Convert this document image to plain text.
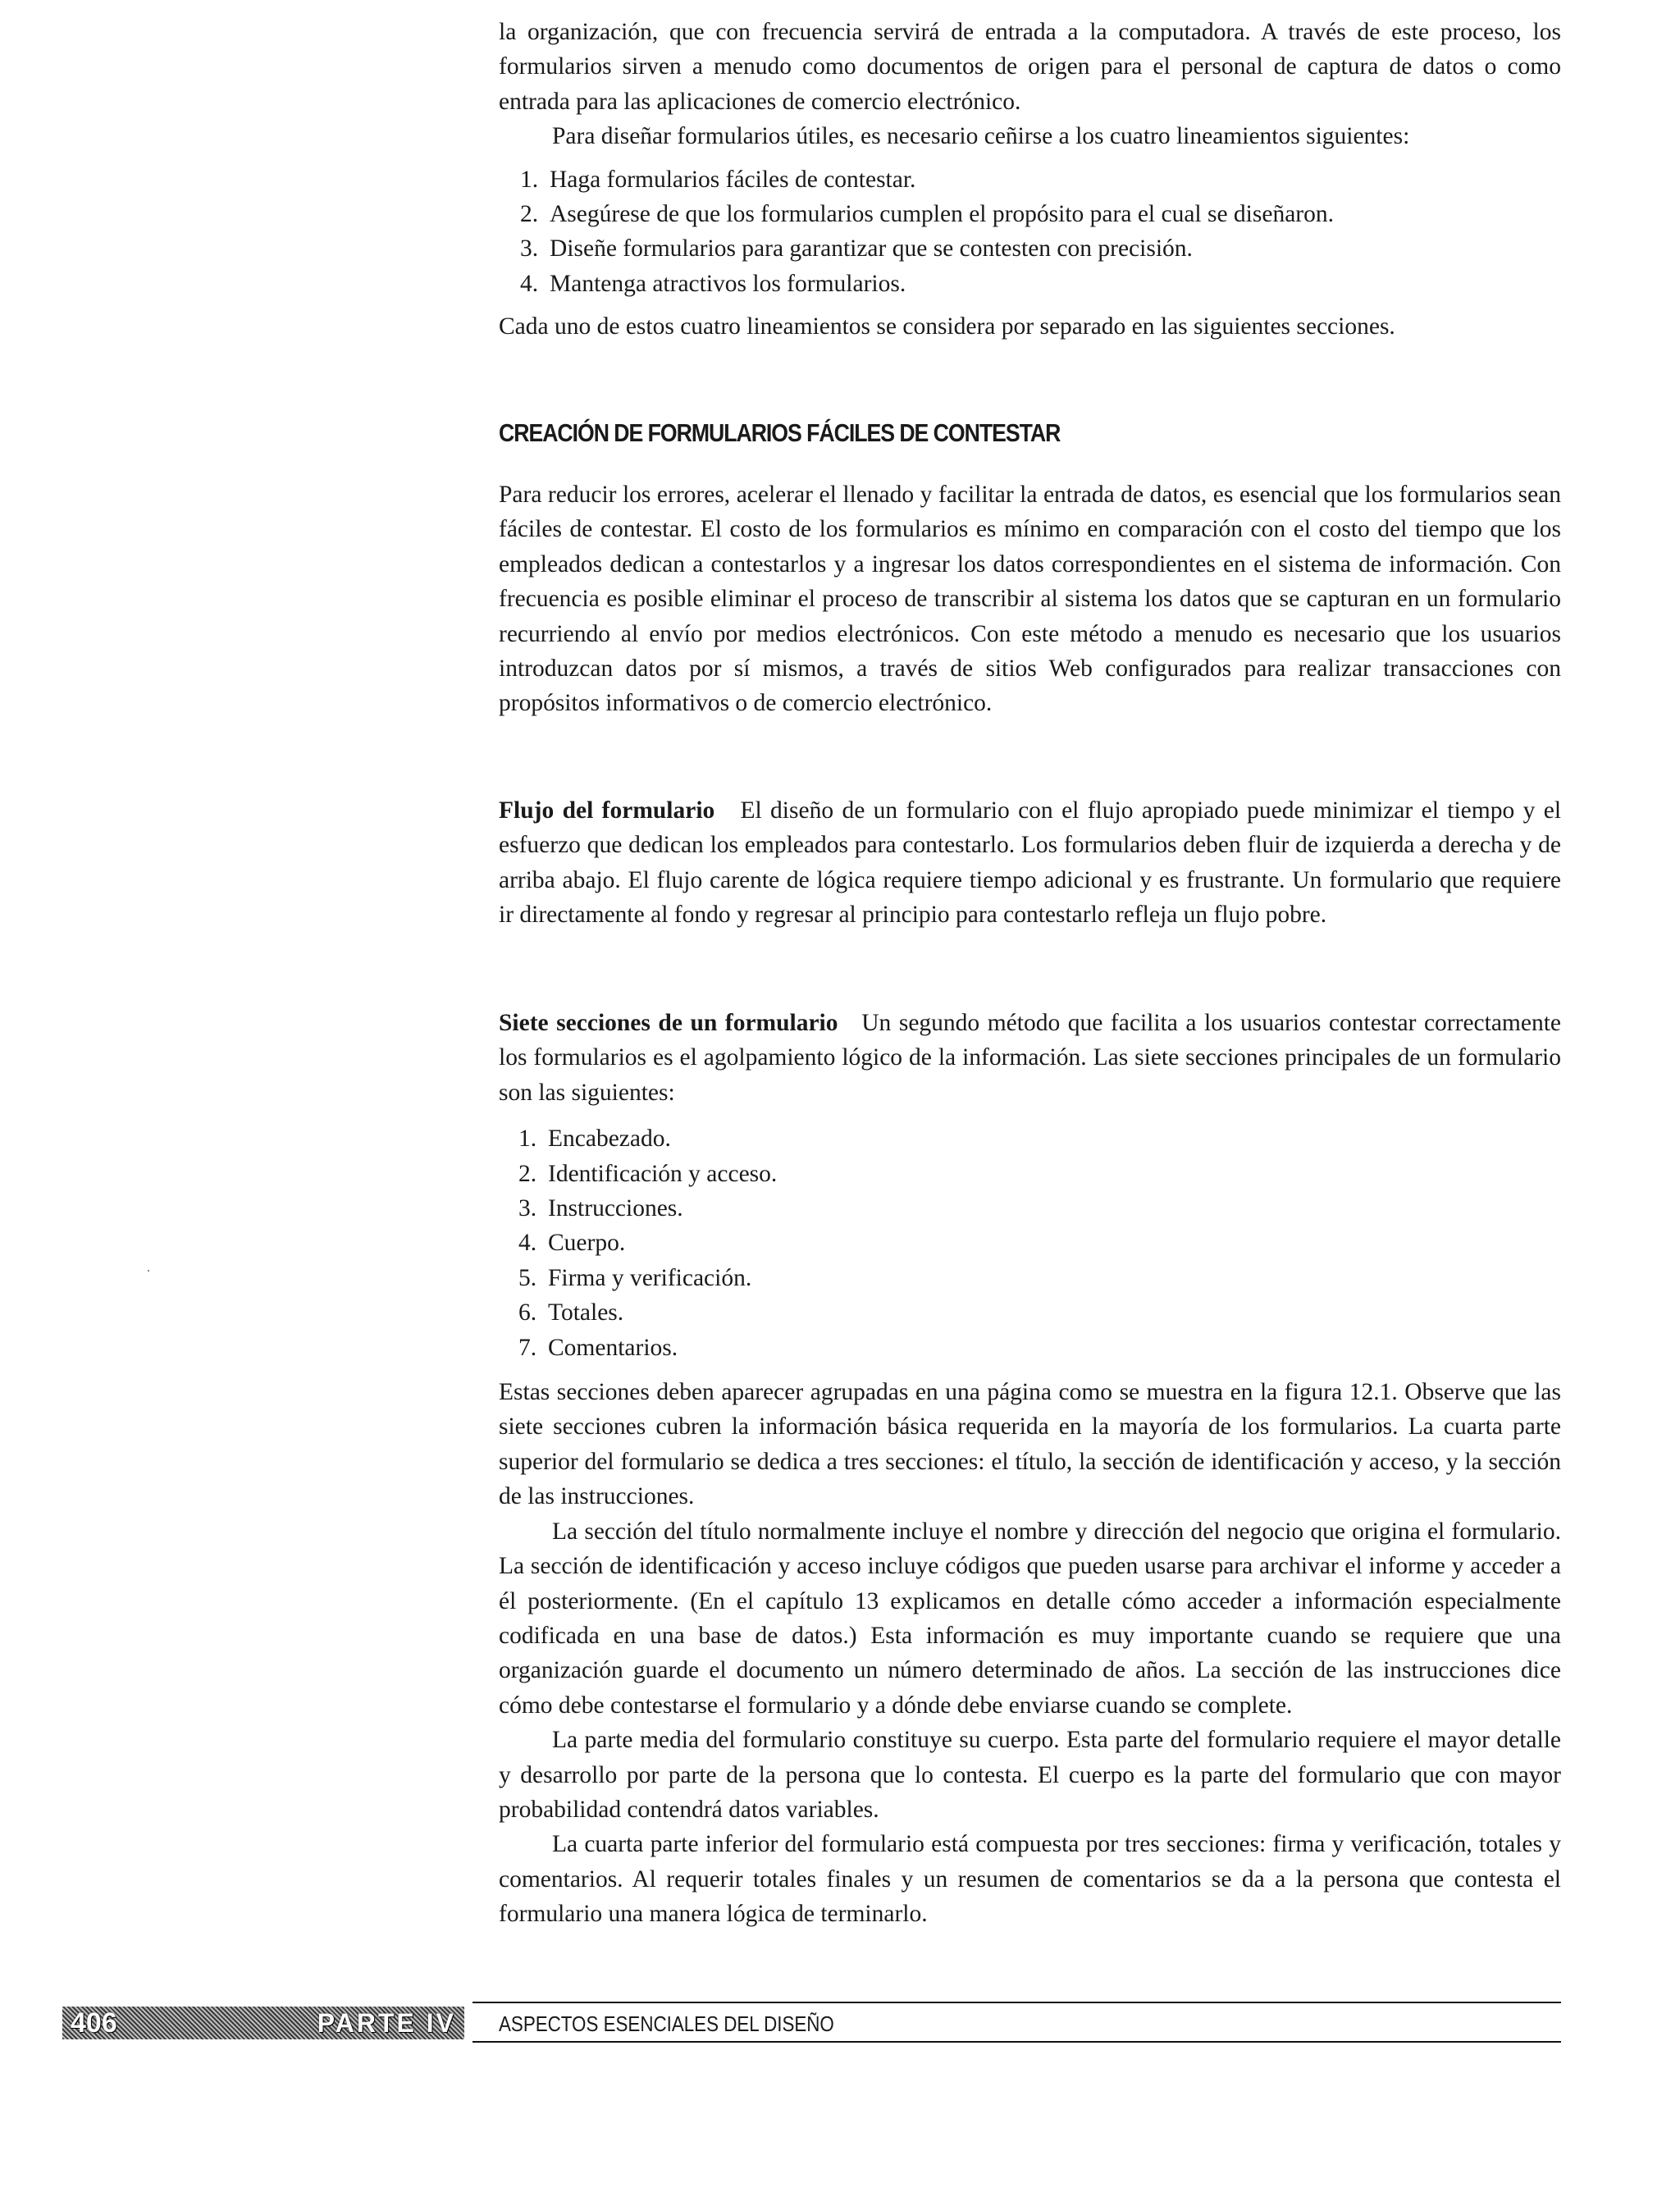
la organización, que con frecuencia servirá de entrada a la computadora. A través de este proceso, los formularios sirven a menudo como documentos de origen para el personal de captura de datos o como entrada para las aplicaciones de comercio electrónico.

Para diseñar formularios útiles, es necesario ceñirse a los cuatro lineamientos siguientes:

1. Haga formularios fáciles de contestar.
2. Asegúrese de que los formularios cumplen el propósito para el cual se diseñaron.
3. Diseñe formularios para garantizar que se contesten con precisión.
4. Mantenga atractivos los formularios.

Cada uno de estos cuatro lineamientos se considera por separado en las siguientes secciones.

CREACIÓN DE FORMULARIOS FÁCILES DE CONTESTAR

Para reducir los errores, acelerar el llenado y facilitar la entrada de datos, es esencial que los formularios sean fáciles de contestar. El costo de los formularios es mínimo en comparación con el costo del tiempo que los empleados dedican a contestarlos y a ingresar los datos correspondientes en el sistema de información. Con frecuencia es posible eliminar el proceso de transcribir al sistema los datos que se capturan en un formulario recurriendo al envío por medios electrónicos. Con este método a menudo es necesario que los usuarios introduzcan datos por sí mismos, a través de sitios Web configurados para realizar transacciones con propósitos informativos o de comercio electrónico.

Flujo del formulario El diseño de un formulario con el flujo apropiado puede minimizar el tiempo y el esfuerzo que dedican los empleados para contestarlo. Los formularios deben fluir de izquierda a derecha y de arriba abajo. El flujo carente de lógica requiere tiempo adicional y es frustrante. Un formulario que requiere ir directamente al fondo y regresar al principio para contestarlo refleja un flujo pobre.

Siete secciones de un formulario Un segundo método que facilita a los usuarios contestar correctamente los formularios es el agolpamiento lógico de la información. Las siete secciones principales de un formulario son las siguientes:

1. Encabezado.
2. Identificación y acceso.
3. Instrucciones.
4. Cuerpo.
5. Firma y verificación.
6. Totales.
7. Comentarios.

Estas secciones deben aparecer agrupadas en una página como se muestra en la figura 12.1. Observe que las siete secciones cubren la información básica requerida en la mayoría de los formularios. La cuarta parte superior del formulario se dedica a tres secciones: el título, la sección de identificación y acceso, y la sección de las instrucciones.

La sección del título normalmente incluye el nombre y dirección del negocio que origina el formulario. La sección de identificación y acceso incluye códigos que pueden usarse para archivar el informe y acceder a él posteriormente. (En el capítulo 13 explicamos en detalle cómo acceder a información especialmente codificada en una base de datos.) Esta información es muy importante cuando se requiere que una organización guarde el documento un número determinado de años. La sección de las instrucciones dice cómo debe contestarse el formulario y a dónde debe enviarse cuando se complete.

La parte media del formulario constituye su cuerpo. Esta parte del formulario requiere el mayor detalle y desarrollo por parte de la persona que lo contesta. El cuerpo es la parte del formulario que con mayor probabilidad contendrá datos variables.

La cuarta parte inferior del formulario está compuesta por tres secciones: firma y verificación, totales y comentarios. Al requerir totales finales y un resumen de comentarios se da a la persona que contesta el formulario una manera lógica de terminarlo.

406	PARTE IV ASPECTOS ESENCIALES DEL DISEÑO
